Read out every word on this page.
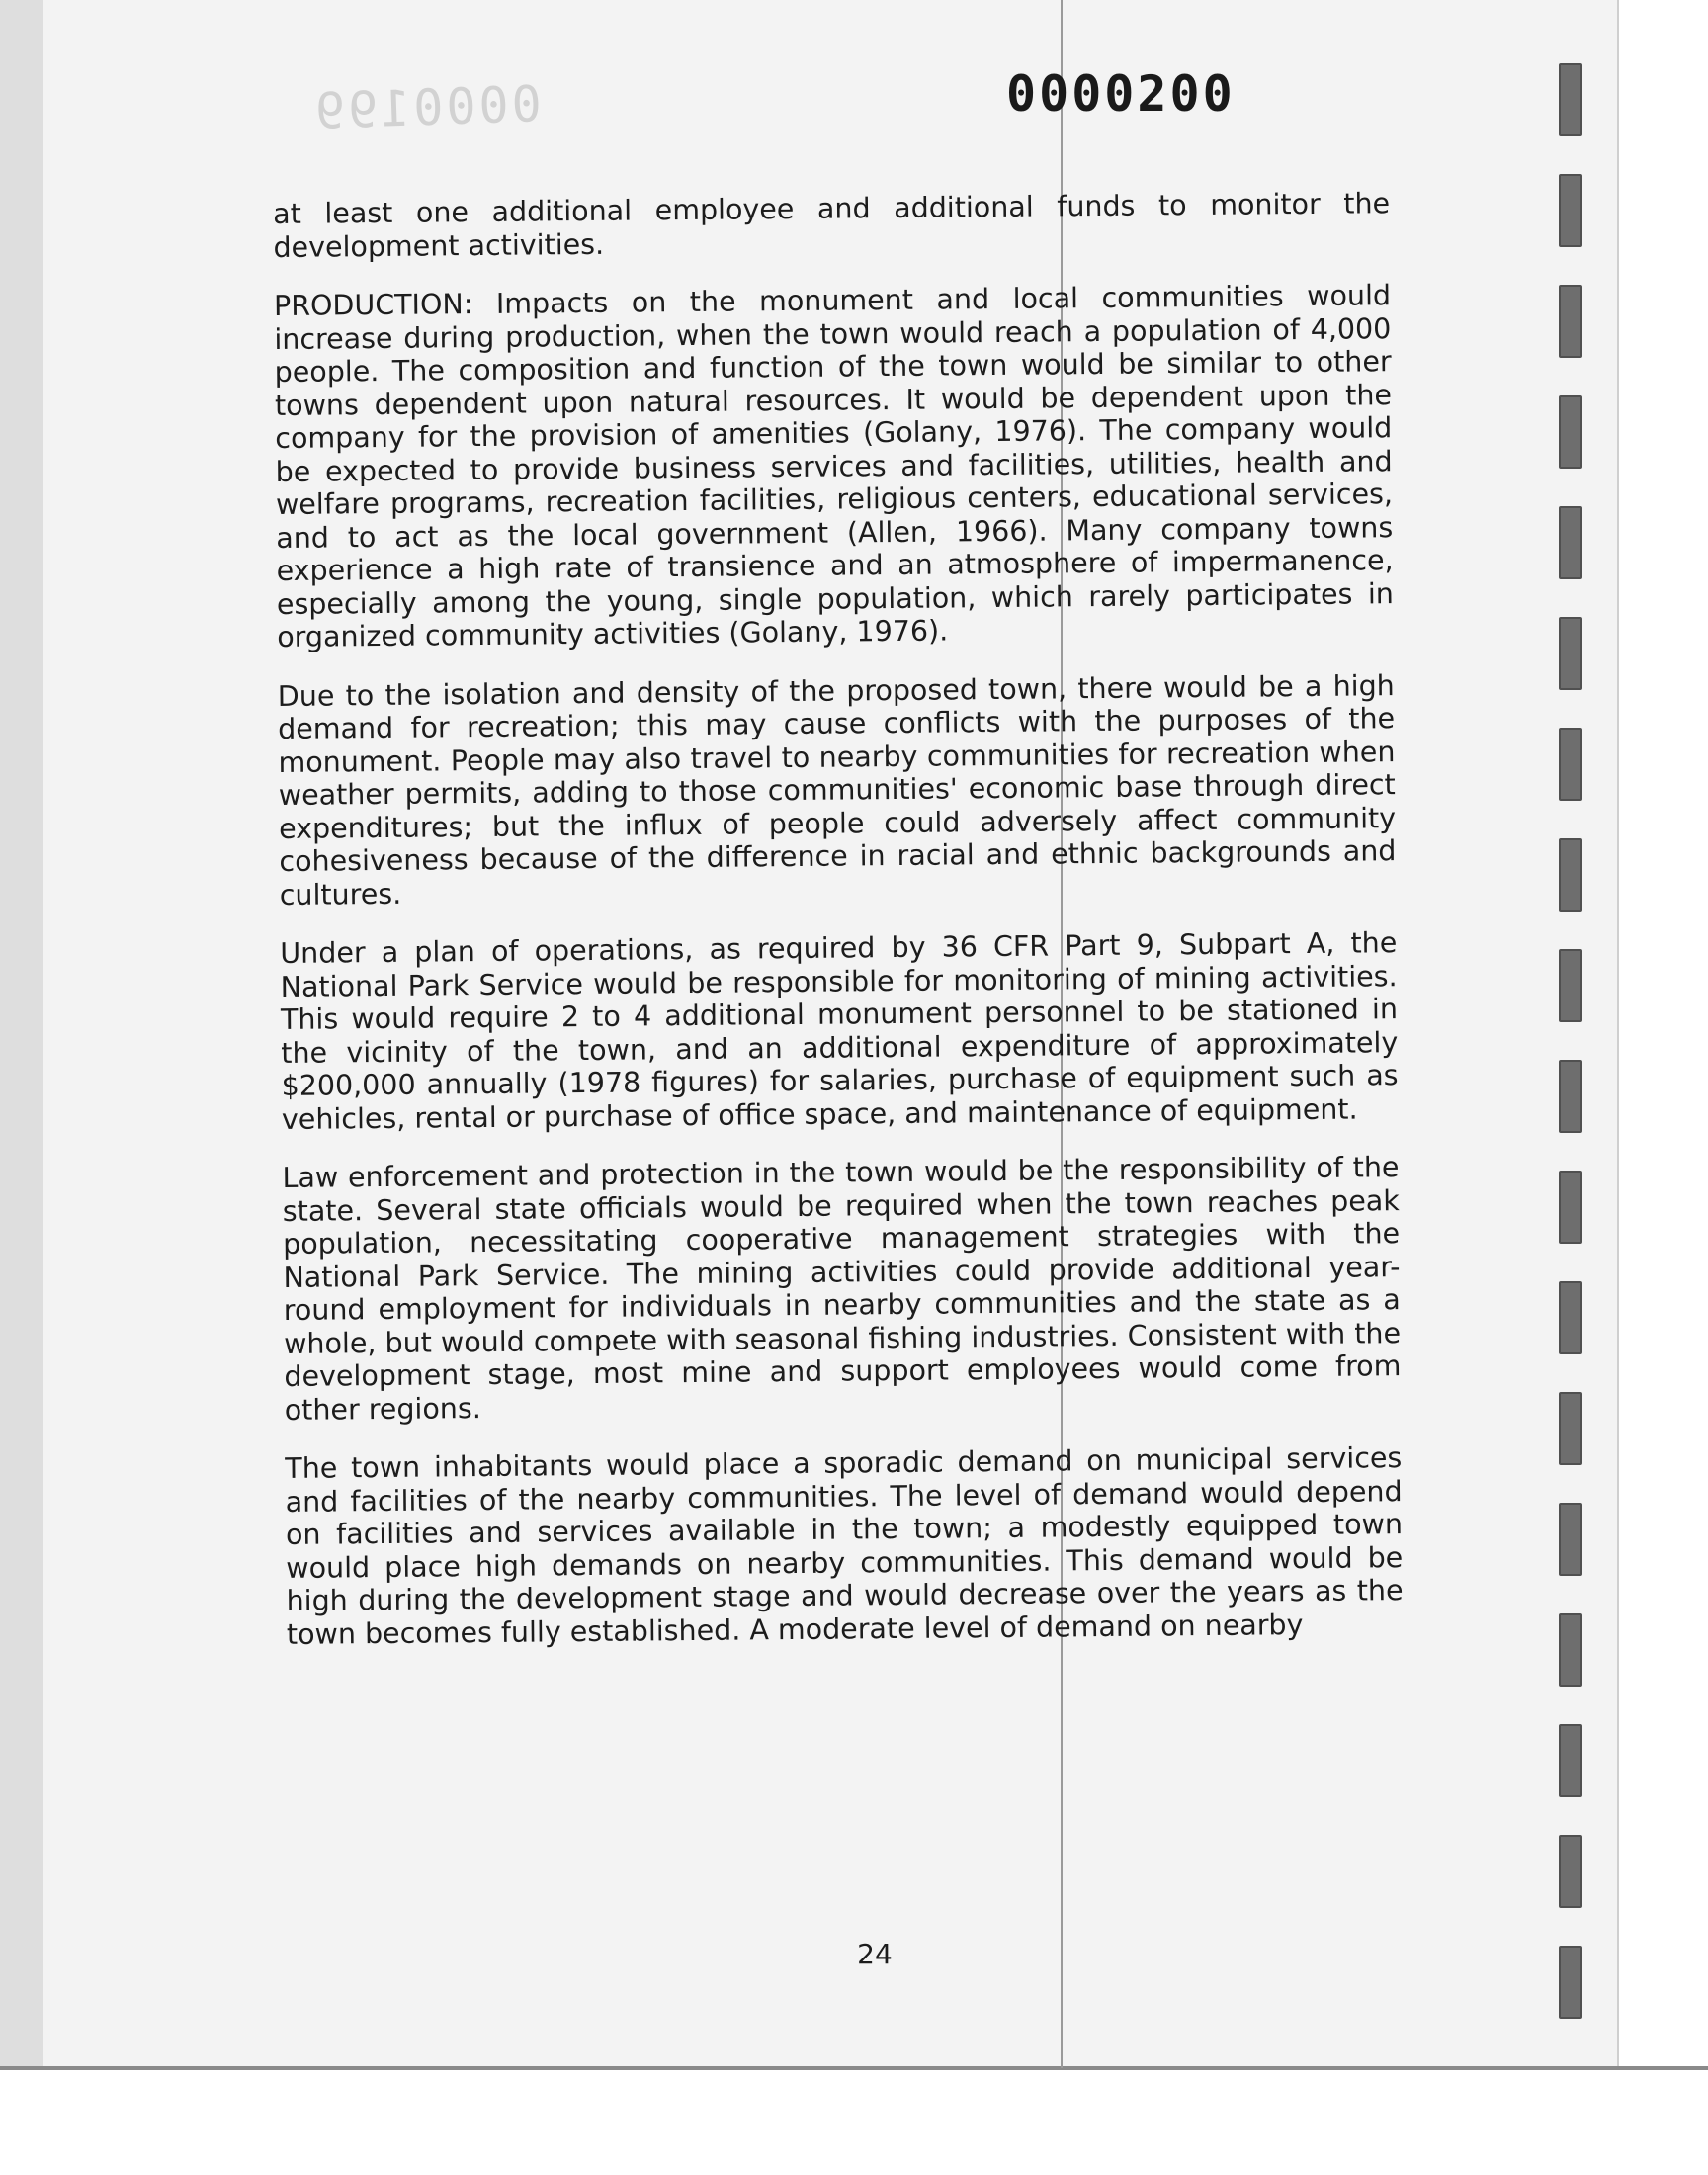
0000199	0000200

at least one additional employee and additional funds to monitor the development activities.

PRODUCTION: Impacts on the monument and local communities would increase during production, when the town would reach a population of 4,000 people. The composition and function of the town would be similar to other towns dependent upon natural resources. It would be dependent upon the company for the provision of amenities (Golany, 1976). The company would be expected to provide business services and facilities, utilities, health and welfare programs, recreation facilities, religious centers, educational services, and to act as the local government (Allen, 1966). Many company towns experience a high rate of transience and an atmosphere of impermanence, especially among the young, single population, which rarely participates in organized community activities (Golany, 1976).

Due to the isolation and density of the proposed town, there would be a high demand for recreation; this may cause conflicts with the purposes of the monument. People may also travel to nearby communities for recreation when weather permits, adding to those communities' economic base through direct expenditures; but the influx of people could adversely affect community cohesiveness because of the difference in racial and ethnic backgrounds and cultures.

Under a plan of operations, as required by 36 CFR Part 9, Subpart A, the National Park Service would be responsible for monitoring of mining activities. This would require 2 to 4 additional monument personnel to be stationed in the vicinity of the town, and an additional expenditure of approximately $200,000 annually (1978 figures) for salaries, purchase of equipment such as vehicles, rental or purchase of office space, and maintenance of equipment.

Law enforcement and protection in the town would be the responsibility of the state. Several state officials would be required when the town reaches peak population, necessitating cooperative management strategies with the National Park Service. The mining activities could provide additional year-round employment for individuals in nearby communities and the state as a whole, but would compete with seasonal fishing industries. Consistent with the development stage, most mine and support employees would come from other regions.

The town inhabitants would place a sporadic demand on municipal services and facilities of the nearby communities. The level of demand would depend on facilities and services available in the town; a modestly equipped town would place high demands on nearby communities. This demand would be high during the development stage and would decrease over the years as the town becomes fully established. A moderate level of demand on nearby

24
